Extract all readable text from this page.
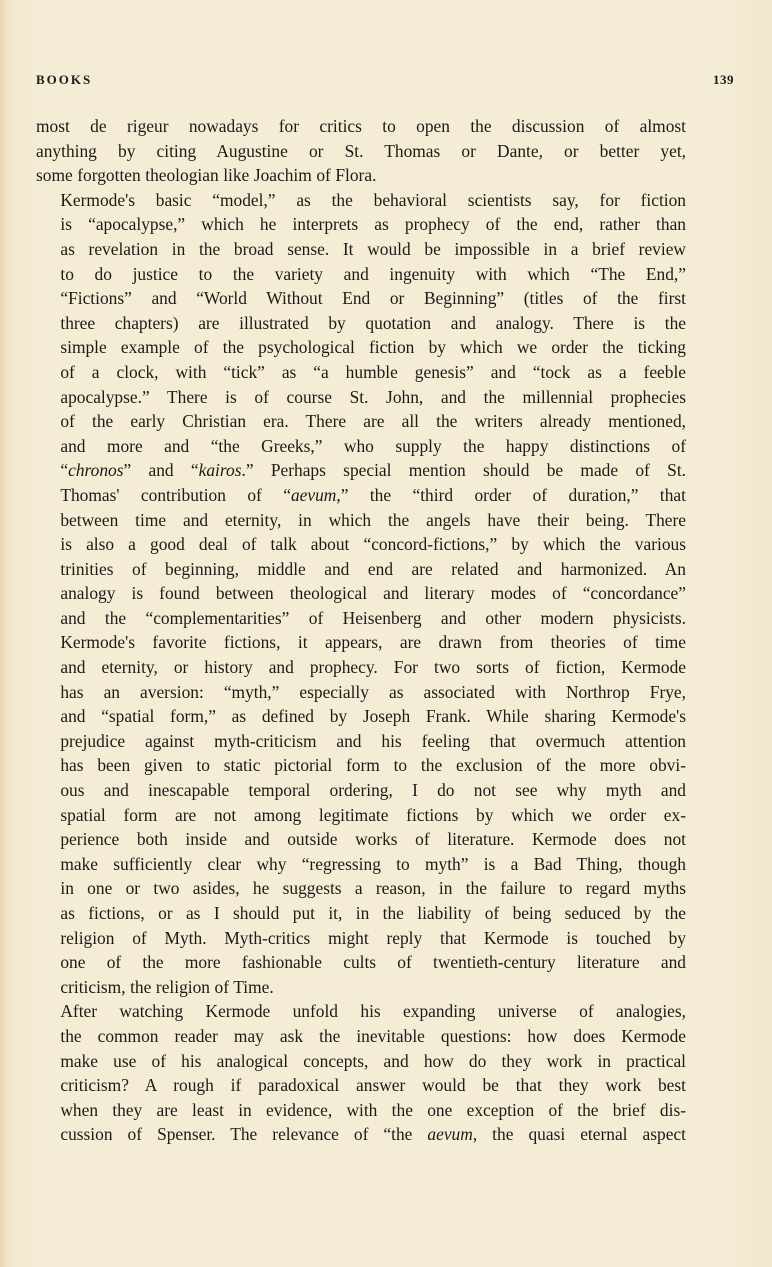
BOOKS	139

most de rigeur nowadays for critics to open the discussion of almost
anything by citing Augustine or St. Thomas or Dante, or better yet,
some forgotten theologian like Joachim of Flora.

Kermode's basic “model,” as the behavioral scientists say, for fiction
is “apocalypse,” which he interprets as prophecy of the end, rather than
as revelation in the broad sense. It would be impossible in a brief review
to do justice to the variety and ingenuity with which “The End,”
“Fictions” and “World Without End or Beginning” (titles of the first
three chapters) are illustrated by quotation and analogy. There is the
simple example of the psychological fiction by which we order the ticking
of a clock, with “tick” as “a humble genesis” and “tock as a feeble
apocalypse.” There is of course St. John, and the millennial prophecies
of the early Christian era. There are all the writers already mentioned,
and more and “the Greeks,” who supply the happy distinctions of
“chronos” and “kairos.” Perhaps special mention should be made of St.
Thomas' contribution of “aevum,” the “third order of duration,” that
between time and eternity, in which the angels have their being. There
is also a good deal of talk about “concord-fictions,” by which the various
trinities of beginning, middle and end are related and harmonized. An
analogy is found between theological and literary modes of “concordance”
and the “complementarities” of Heisenberg and other modern physicists.
Kermode's favorite fictions, it appears, are drawn from theories of time
and eternity, or history and prophecy. For two sorts of fiction, Kermode
has an aversion: “myth,” especially as associated with Northrop Frye,
and “spatial form,” as defined by Joseph Frank. While sharing Kermode's
prejudice against myth-criticism and his feeling that overmuch attention
has been given to static pictorial form to the exclusion of the more obvi-
ous and inescapable temporal ordering, I do not see why myth and
spatial form are not among legitimate fictions by which we order ex-
perience both inside and outside works of literature. Kermode does not
make sufficiently clear why “regressing to myth” is a Bad Thing, though
in one or two asides, he suggests a reason, in the failure to regard myths
as fictions, or as I should put it, in the liability of being seduced by the
religion of Myth. Myth-critics might reply that Kermode is touched by
one of the more fashionable cults of twentieth-century literature and
criticism, the religion of Time.

After watching Kermode unfold his expanding universe of analogies,
the common reader may ask the inevitable questions: how does Kermode
make use of his analogical concepts, and how do they work in practical
criticism? A rough if paradoxical answer would be that they work best
when they are least in evidence, with the one exception of the brief dis-
cussion of Spenser. The relevance of “the aevum, the quasi eternal aspect
